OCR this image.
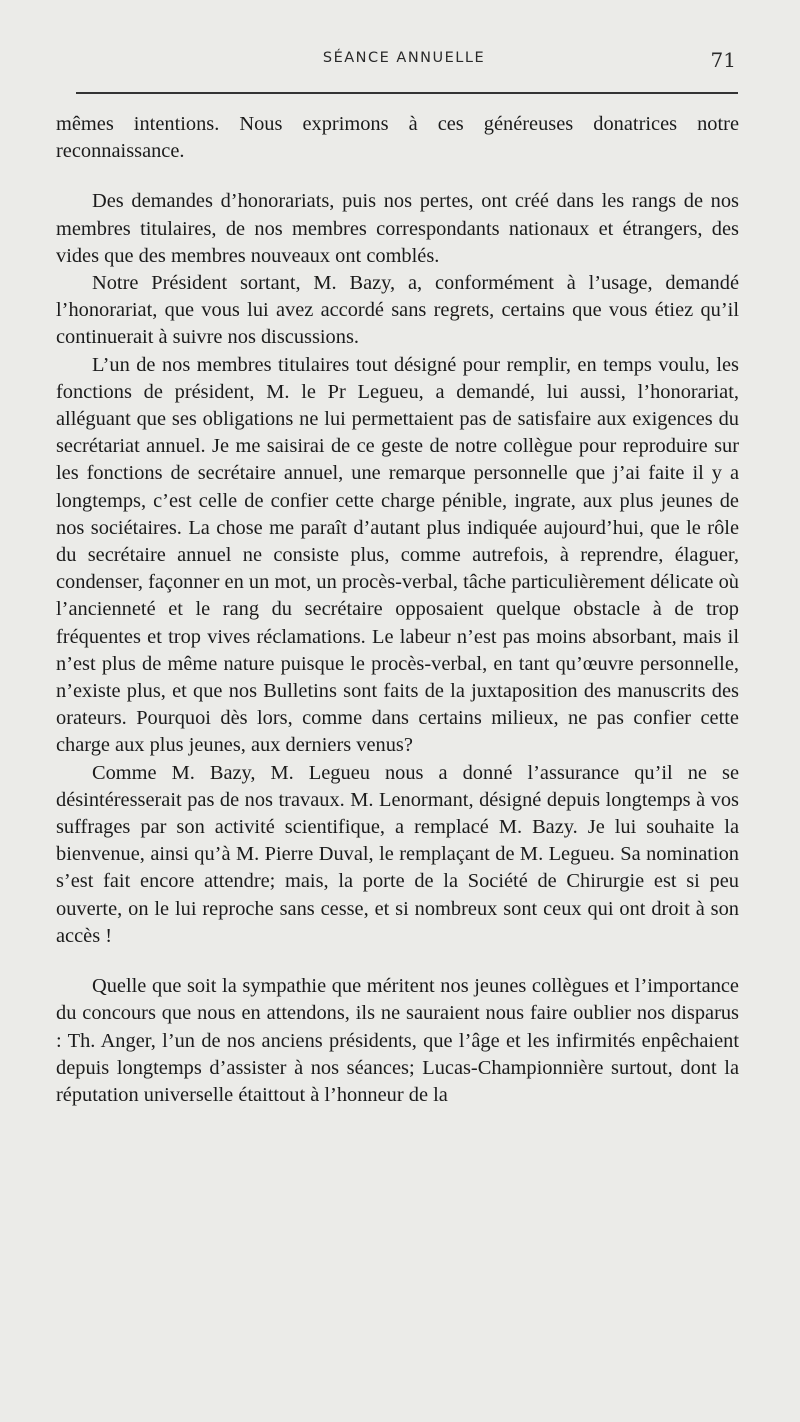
SÉANCE ANNUELLE	71

mêmes intentions. Nous exprimons à ces généreuses donatrices notre reconnaissance.

Des demandes d’honorariats, puis nos pertes, ont créé dans les rangs de nos membres titulaires, de nos membres correspondants nationaux et étrangers, des vides que des membres nouveaux ont comblés.

Notre Président sortant, M. Bazy, a, conformément à l’usage, demandé l’honorariat, que vous lui avez accordé sans regrets, certains que vous étiez qu’il continuerait à suivre nos discussions.

L’un de nos membres titulaires tout désigné pour remplir, en temps voulu, les fonctions de président, M. le Pr Legueu, a demandé, lui aussi, l’honorariat, alléguant que ses obligations ne lui permettaient pas de satisfaire aux exigences du secrétariat annuel. Je me saisirai de ce geste de notre collègue pour reproduire sur les fonctions de secrétaire annuel, une remarque personnelle que j’ai faite il y a longtemps, c’est celle de confier cette charge pénible, ingrate, aux plus jeunes de nos sociétaires. La chose me paraît d’autant plus indiquée aujourd’hui, que le rôle du secrétaire annuel ne consiste plus, comme autrefois, à reprendre, élaguer, condenser, façonner en un mot, un procès-verbal, tâche particulièrement délicate où l’ancienneté et le rang du secrétaire opposaient quelque obstacle à de trop fréquentes et trop vives réclamations. Le labeur n’est pas moins absorbant, mais il n’est plus de même nature puisque le procès-verbal, en tant qu’œuvre personnelle, n’existe plus, et que nos Bulletins sont faits de la juxtaposition des manuscrits des orateurs. Pourquoi dès lors, comme dans certains milieux, ne pas confier cette charge aux plus jeunes, aux derniers venus?

Comme M. Bazy, M. Legueu nous a donné l’assurance qu’il ne se désintéresserait pas de nos travaux. M. Lenormant, désigné depuis longtemps à vos suffrages par son activité scientifique, a remplacé M. Bazy. Je lui souhaite la bienvenue, ainsi qu’à M. Pierre Duval, le remplaçant de M. Legueu. Sa nomination s’est fait encore attendre; mais, la porte de la Société de Chirurgie est si peu ouverte, on le lui reproche sans cesse, et si nombreux sont ceux qui ont droit à son accès !

Quelle que soit la sympathie que méritent nos jeunes collègues et l’importance du concours que nous en attendons, ils ne sauraient nous faire oublier nos disparus : Th. Anger, l’un de nos anciens présidents, que l’âge et les infirmités enpêchaient depuis longtemps d’assister à nos séances; Lucas-Championnière surtout, dont la réputation universelle étaittout à l’honneur de la
